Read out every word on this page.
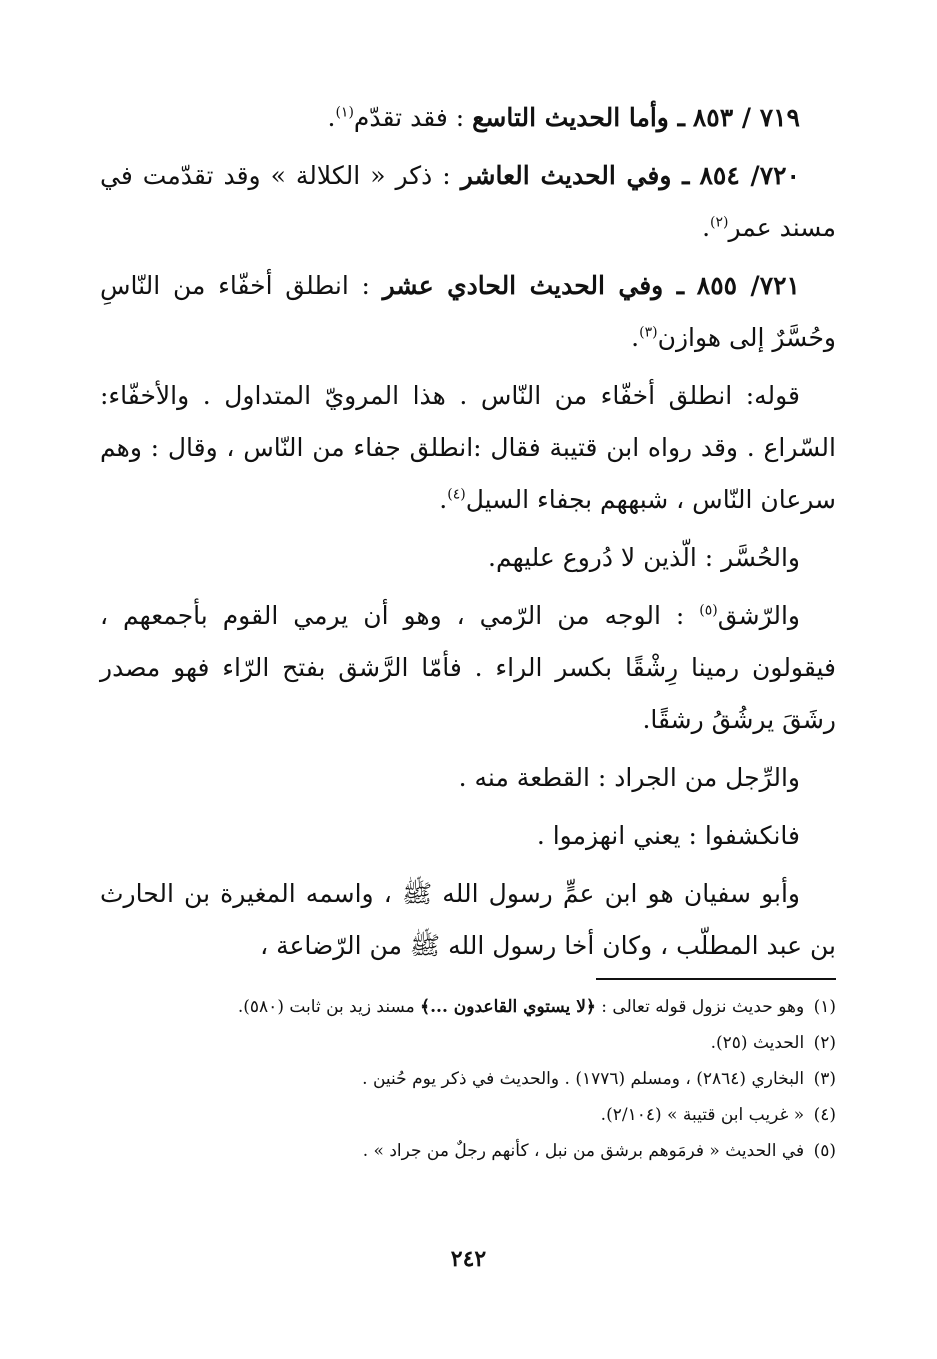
٧١٩ / ٨٥٣ ـ وأما الحديث التاسع : فقد تقدّم$^{(١)}$.

٧٢٠/ ٨٥٤ ـ وفي الحديث العاشر : ذكر « الكلالة » وقد تقدّمت في مسند عمر$^{(٢)}$.

٧٢١/ ٨٥٥ ـ وفي الحديث الحادي عشر : انطلق أخفّاء من النّاسِ وحُسَّرٌ إلى هوازن$^{(٣)}$.

قوله: انطلق أخفّاء من النّاس . هذا المرويّ المتداول . والأخفّاء: السّراع . وقد رواه ابن قتيبة فقال :انطلق جفاء من النّاس ، وقال : وهم سرعان النّاس ، شبههم بجفاء السيل$^{(٤)}$.

والحُسَّر : الّذين لا دُروع عليهم.

والرّشق$^{(٥)}$ : الوجه من الرّمي ، وهو أن يرمي القوم بأجمعهم ، فيقولون رمينا رِشْقًا بكسر الراء . فأمّا الرَّشق بفتح الرّاء فهو مصدر رشَقَ يرشُقُ رشقًا.

والرِّجل من الجراد : القطعة منه .

فانكشفوا : يعني انهزموا .

وأبو سفيان هو ابن عمٍّ رسول الله ﷺ ، واسمه المغيرة بن الحارث بن عبد المطلّب ، وكان أخا رسول الله ﷺ من الرّضاعة ،

(١) وهو حديث نزول قوله تعالى : ﴿لا يستوي القاعدون ...﴾ مسند زيد بن ثابت (٥٨٠).

(٢) الحديث (٢٥).

(٣) البخاري (٢٨٦٤) ، ومسلم (١٧٧٦) . والحديث في ذكر يوم حُنين .

(٤) « غريب ابن قتيبة » (٢/١٠٤).

(٥) في الحديث « فرمَوهم برشق من نبل ، كأنهم رجلٌ من جراد » .

٢٤٢
